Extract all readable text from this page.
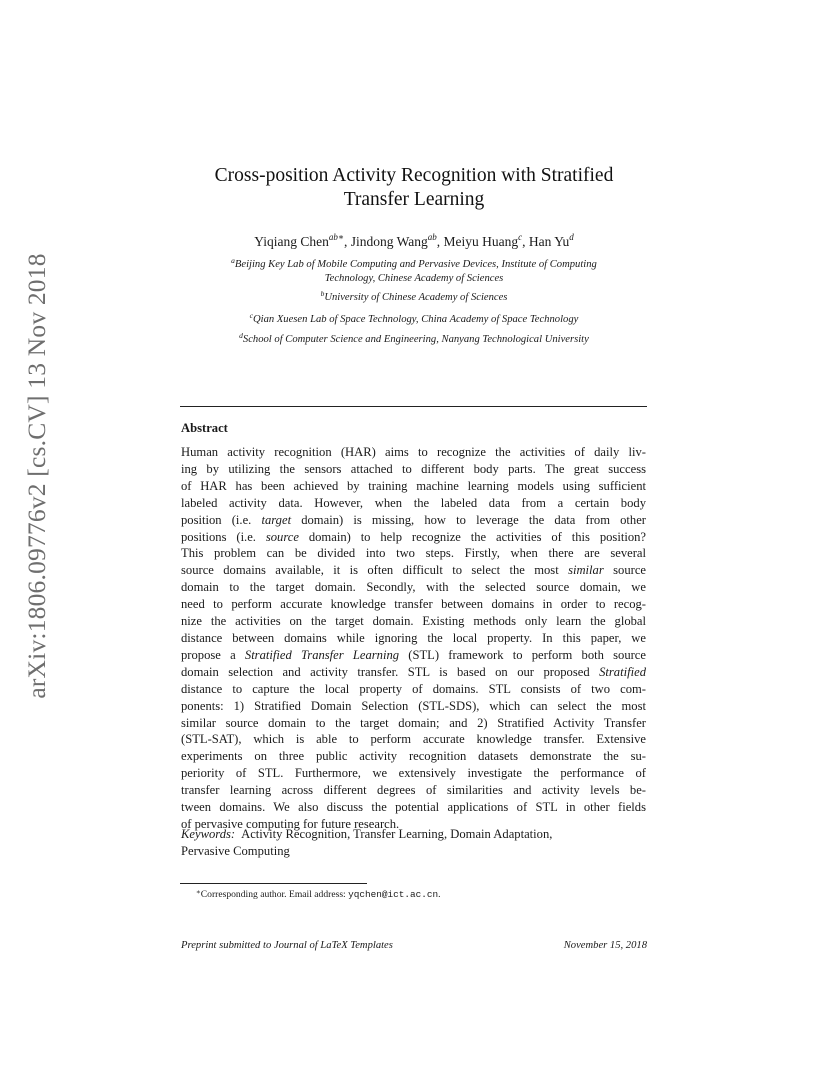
arXiv:1806.09776v2 [cs.CV] 13 Nov 2018
Cross-position Activity Recognition with Stratified
Transfer Learning
Yiqiang Chen$^{ab∗}$, Jindong Wang$^{ab}$, Meiyu Huang$^c$, Han Yu$^d$
$^a$Beijing Key Lab of Mobile Computing and Pervasive Devices, Institute of Computing
Technology, Chinese Academy of Sciences
$^b$University of Chinese Academy of Sciences
$^c$Qian Xuesen Lab of Space Technology, China Academy of Space Technology
$^d$School of Computer Science and Engineering, Nanyang Technological University
Abstract
Human activity recognition (HAR) aims to recognize the activities of daily liv-
ing by utilizing the sensors attached to different body parts. The great success
of HAR has been achieved by training machine learning models using sufficient
labeled activity data. However, when the labeled data from a certain body
position (i.e. target domain) is missing, how to leverage the data from other
positions (i.e. source domain) to help recognize the activities of this position?
This problem can be divided into two steps. Firstly, when there are several
source domains available, it is often difficult to select the most similar source
domain to the target domain. Secondly, with the selected source domain, we
need to perform accurate knowledge transfer between domains in order to recog-
nize the activities on the target domain. Existing methods only learn the global
distance between domains while ignoring the local property. In this paper, we
propose a Stratified Transfer Learning (STL) framework to perform both source
domain selection and activity transfer. STL is based on our proposed Stratified
distance to capture the local property of domains. STL consists of two com-
ponents: 1) Stratified Domain Selection (STL-SDS), which can select the most
similar source domain to the target domain; and 2) Stratified Activity Transfer
(STL-SAT), which is able to perform accurate knowledge transfer. Extensive
experiments on three public activity recognition datasets demonstrate the su-
periority of STL. Furthermore, we extensively investigate the performance of
transfer learning across different degrees of similarities and activity levels be-
tween domains. We also discuss the potential applications of STL in other fields
of pervasive computing for future research.
Keywords: Activity Recognition, Transfer Learning, Domain Adaptation,
Pervasive Computing
∗Corresponding author. Email address: yqchen@ict.ac.cn.
Preprint submitted to Journal of LaTeX Templates	November 15, 2018
